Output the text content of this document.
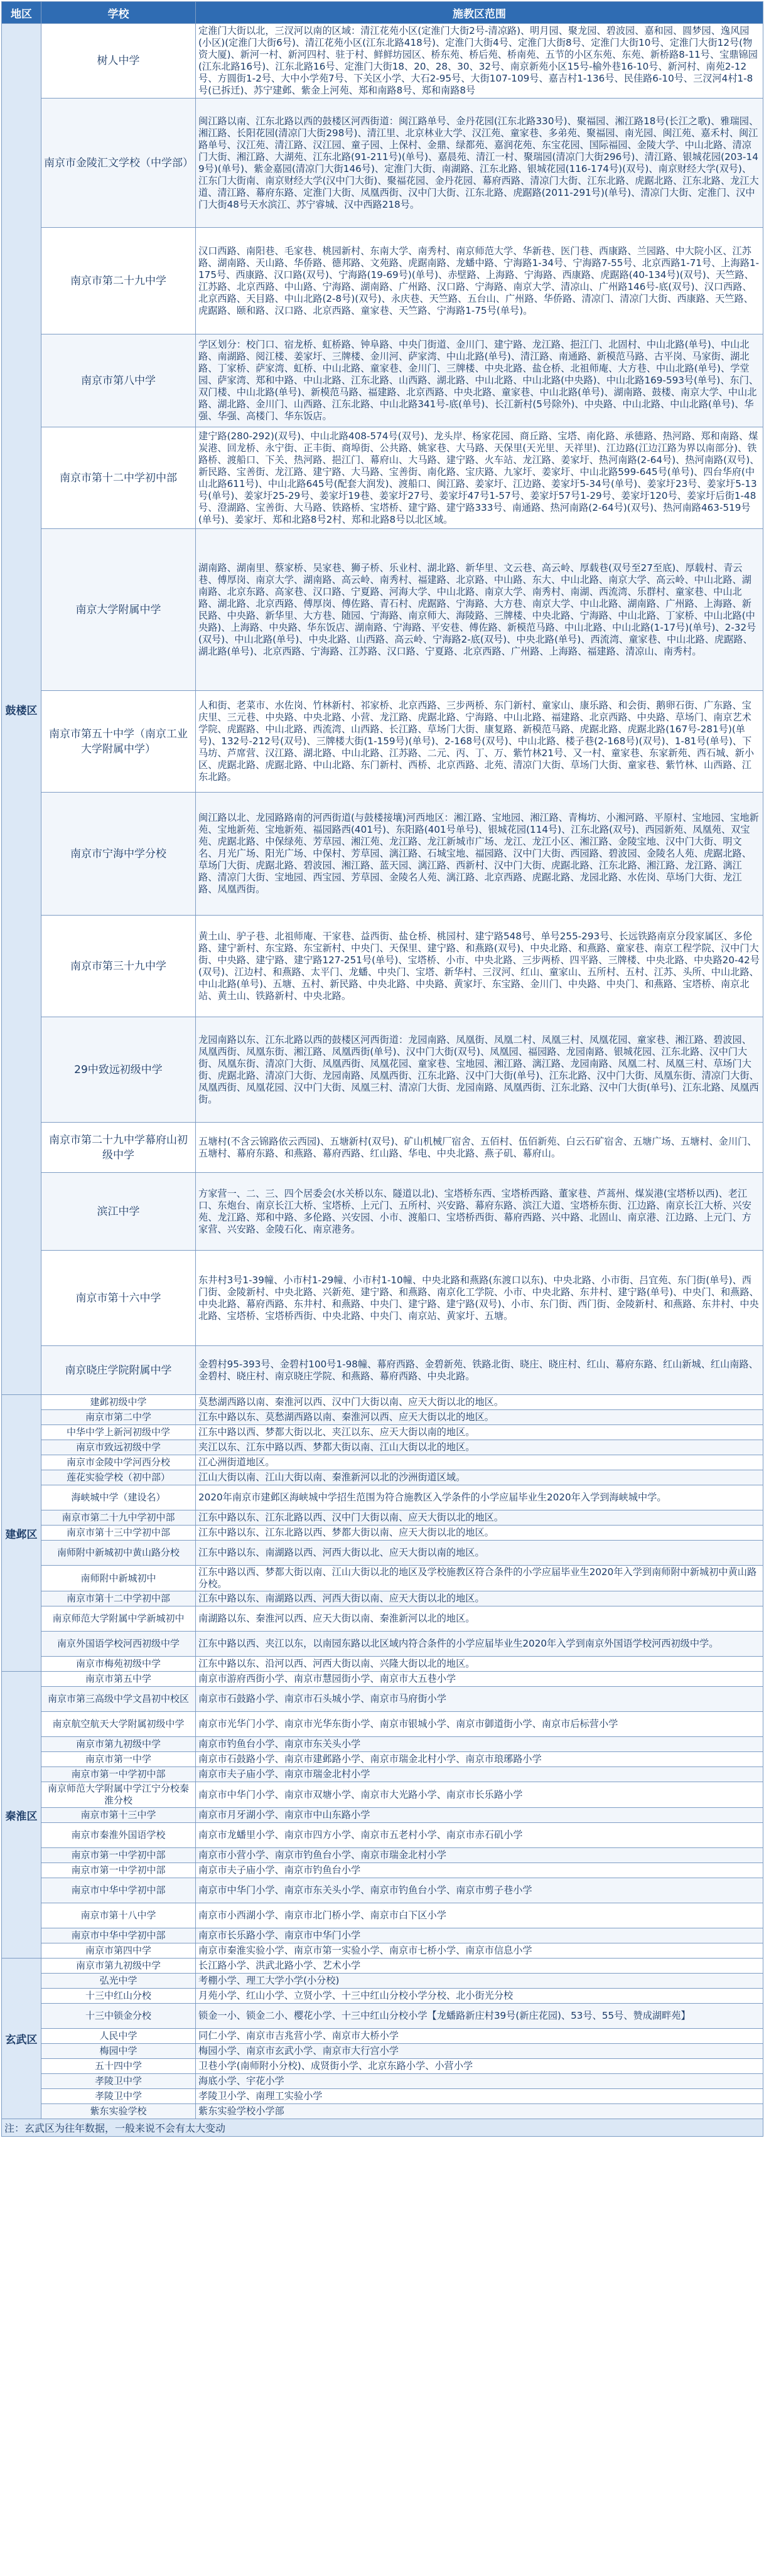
地区	学校	施教区范围
鼓楼区	树人中学	定淮门大街以北，三汊河以南的区域：清江花苑小区(定淮门大街2号-清凉路)、明月园、聚龙园、碧波园、嘉和园、圆梦园、逸风园(小区)(定淮门大街6号)、清江花苑小区(江东北路418号)、定淮门大街4号、定淮门大街8号、定淮门大街10号、定淮门大街12号(物资大厦)、新河一村、新河四村、驻于村、鲜鲜坊园区、桥东苑、桥后苑、桥南苑、五节的小区东苑、东苑、新桥路8-11号、宝鼎锦园(江东北路16号)、江东北路16号、定淮门大街18、20、28、30、32号、南京新苑小区15号-榆外巷16-10号、新河村、南苑2-12号、方圆街1-2号、大中小学苑7号、下关区小学、大石2-95号、大街107-109号、嘉吉村1-136号、民佳路6-10号、三汊河4村1-8号(已拆迁)、苏宁建邺、紫金上河苑、郑和南路8号、郑和南路8号
	南京市金陵汇文学校（中学部）	闽江路以南、江东北路以西的鼓楼区河西街道：闽江路单号、金丹花园(江东北路330号)、聚福园、湘江路18号(长江之歌)、雅瑞园、湘江路、长阳花园(清凉门大街298号)、清江里、北京林业大学、汉江苑、童家巷、多弟苑、聚福园、南光园、闽江苑、嘉禾村、闽江路单号、汉江苑、清江路、汉江园、童子园、上保村、金鼎、绿都苑、嘉润花苑、东宝花园、国际福园、金陵大学、中山北路、清凉门大街、湘江路、大湖苑、江东北路(91-211号)(单号)、嘉晨苑、清江一村、聚瑞园(清凉门大街296号)、清江路、银城花园(203-149号)(单号)、紫金嘉园(清凉门大街146号)、定淮门大街、南湖路、江东北路、银城花园(116-174号)(双号)、南京财经大学(双号)、江东门大街南、南京财经大学(汉中门大街)、聚福花园、金丹花园、幕府西路、清凉门大街、江东北路、虎踞北路、江东北路、龙江大道、清江路、幕府东路、定淮门大街、凤凰西街、汉中门大街、江东北路、虎踞路(2011-291号)(单号)、清凉门大街、定淮门、汉中门大街48号天水滨江、苏宁睿城、汉中西路218号。
	南京市第二十九中学	汉口西路、南阳巷、毛家巷、桃园新村、东南大学、南秀村、南京师范大学、华新巷、医门巷、西康路、兰园路、中大院小区、江苏路、湖南路、天山路、华侨路、德邦路、文苑路、虎踞南路、龙蟠中路、宁海路1-34号、宁海路7-55号、北京西路1-71号、上海路1-175号、西康路、汉口路(双号)、宁海路(19-69号)(单号)、赤壁路、上海路、宁海路、西康路、虎踞路(40-134号)(双号)、天竺路、江苏路、北京西路、中山路、宁海路、湖南路、广州路、汉口路、宁海路、南京大学、清凉山、广州路146号-底(双号)、汉口西路、北京西路、天目路、中山北路(2-8号)(双号)、永庆巷、天竺路、五台山、广州路、华侨路、清凉门、清凉门大街、西康路、天竺路、虎踞路、颐和路、汉口路、北京西路、童家巷、天竺路、宁海路1-75号(单号)。
	南京市第八中学	学区划分：校门口、宿龙桥、虹桥路、钟阜路、中央门街道、金川门、建宁路、龙江路、挹江门、北固村、中山北路(单号)、中山北路、南湖路、阅江楼、姜家圩、三牌楼、金川河、萨家湾、中山北路(单号)、清江路、南通路、新模范马路、古平岗、马家街、湖北路、丁家桥、萨家湾、虹桥、中山北路、童家巷、金川门、三牌楼、中央北路、盐仓桥、北祖师庵、大方巷、中山北路(单号)、学堂园、萨家湾、郑和中路、中山北路、江东北路、山西路、湖北路、中山北路、中山北路(中央路)、中山北路169-593号(单号)、东门、双门楼、中山北路(单号)、新模范马路、福建路、北京西路、中央北路、童家巷、中山北路(单号)、湖南路、鼓楼、南京大学、中山北路、湖北路、金川门、山西路、江东北路、中山北路341号-底(单号)、长江新村(5号除外)、中央路、中山北路、中山北路(单号)、华强、华强、高楼门、华东饭店。
	南京市第十二中学初中部	建宁路(280-292)(双号)、中山北路408-574号(双号)、龙头岸、杨家花园、商丘路、宝塔、南化路、承德路、热河路、郑和南路、煤炭港、回龙桥、永宁街、正丰街、商埠街、公共路、姚家巷、大马路、天保里(天光里、天祥里)、江边路(江边江路为界以南部分)、铁路桥、渡船口、下关、热河路、挹江门、幕府山、大马路、建宁路、火车站、龙江路、姜家圩、热河南路(2-64号)、热河南路(双号)、新民路、宝善街、龙江路、建宁路、大马路、宝善街、南化路、宝庆路、九家圩、姜家圩、中山北路599-645号(单号)、四台华府(中山北路611号)、中山北路645号(配套大润发)、渡船口、闽江路、姜家圩、江边路、姜家圩5-34号(单号)、姜家圩23号、姜家圩5-13号(单号)、姜家圩25-29号、姜家圩19巷、姜家圩27号、姜家圩47号1-57号、姜家圩57号1-29号、姜家圩120号、姜家圩后街1-48号、澄湖路、宝善街、大马路、铁路桥、宝塔桥、建宁路、建宁路333号、南通路、热河南路(2-64号)(双号)、热河南路463-519号(单号)、姜家圩、郑和北路8号2村、郑和北路8号以北区域。
	南京大学附属中学	湖南路、湖南里、蔡家桥、吴家巷、狮子桥、乐业村、湖北路、新华里、文云巷、高云岭、厚载巷(双号至27至底)、厚载村、青云巷、傅厚岗、南京大学、湖南路、高云岭、南秀村、福建路、北京路、中山路、东大、中山北路、南京大学、高云岭、中山北路、湖南路、北京东路、高家巷、汉口路、宁夏路、河海大学、中山北路、南京大学、南秀村、南湖、西流湾、乐群村、童家巷、中山北路、湖北路、北京西路、傅厚岗、傅佐路、青石村、虎踞路、宁海路、大方巷、南京大学、中山北路、湖南路、广州路、上海路、新民路、中央路、新华里、大方巷、随园、宁海路、南京师大、海陵路、三牌楼、中央北路、宁海路、中山北路、丁家桥、中山北路(中央路)、上海路、中央路、华东饭店、湖南路、宁海路、平安巷、傅佐路、新模范马路、中山北路、中山北路(1-17号)(单号)、2-32号(双号)、中山北路(单号)、中央北路、山西路、高云岭、宁海路2-底(双号)、中央北路(单号)、西流湾、童家巷、中山北路、虎踞路、湖北路(单号)、北京西路、宁海路、江苏路、汉口路、宁夏路、北京西路、广州路、上海路、福建路、清凉山、南秀村。
	南京市第五十中学（南京工业大学附属中学）	人和街、老菜市、水佐岗、竹林新村、祁家桥、北京西路、三步两桥、东门新村、童家山、康乐路、和会街、鹅卵石街、广东路、宝庆里、三元巷、中央路、中央北路、小营、龙江路、虎踞北路、宁海路、中山北路、福建路、北京西路、中央路、草场门、南京艺术学院、虎踞路、中山北路、西流湾、山西路、长江路、草场门大街、康复路、新模范马路、虎踞北路、虎踞北路(167号-281号)(单号)、132号-212号(双号)、三牌楼大街(1-159号)(单号)、2-168号(双号)、中山北路、楼子巷(2-168号)(双号)、1-81号(单号)、下马坊、芦席营、汉江路、湖北路、中山北路、江苏路、二元、丙、丁、万、紫竹林21号、又一村、童家巷、东家新苑、西石城、新小区、虎踞北路、虎踞北路、中山北路、东门新村、西桥、北京西路、北苑、清凉门大街、草场门大街、童家巷、紫竹林、山西路、江东北路。
	南京市宁海中学分校	闽江路以北、龙园路路南的河西街道(与鼓楼接壤)河西地区：湘江路、宝地园、湘江路、青梅坊、小湘河路、平原村、宝地园、宝地新苑、宝地新苑、宝地新苑、福园路西(401号)、东阳路(401号单号)、银城花园(114号)、江东北路(双号)、西园新苑、凤凰苑、双宝苑、虎踞北路、中保绿苑、芳草园、湘江苑、龙江路、龙江新城市广场、龙江、龙江小区、湘江路、金陵宝地、汉中门大街、明文名、月光广场、阳光广场、中保村、芳草园、漓江路、石城宝地、福园路、汉中门大街、西园路、碧波园、金陵名人苑、虎踞北路、草场门大街、虎踞北路、碧波园、湘江路、蓝天园、漓江路、西新村、汉中门大街、虎踞北路、江东北路、湘江路、龙江路、漓江路、清凉门大街、宝地园、西宝园、芳草园、金陵名人苑、漓江路、北京西路、虎踞北路、龙园北路、水佐岗、草场门大街、龙江路、凤凰西街。
	南京市第三十九中学	黄土山、驴子巷、北祖师庵、干家巷、益西街、盐仓桥、桃园村、建宁路548号、单号255-293号、长远铁路南京分段家属区、多伦路、建宁新村、东宝路、东宝新村、中央门、天保里、建宁路、和燕路(双号)、中央北路、和燕路、童家巷、南京工程学院、汉中门大街、中央路、建宁路、建宁路127-251号(单号)、宝塔桥、小市、中央北路、三步两桥、四平路、三牌楼、中央北路、中央路20-42号(双号)、江边村、和燕路、太平门、龙蟠、中央门、宝塔、新华村、三汊河、红山、童家山、五所村、五村、江苏、头所、中山北路、中山北路(单号)、五塘、五村、新民路、中央北路、中央路、黄家圩、东宝路、金川门、中央路、中央门、和燕路、宝塔桥、南京北站、黄土山、铁路新村、中央北路。
	29中致远初级中学	龙园南路以东、江东北路以西的鼓楼区河西街道：龙园南路、凤凰街、凤凰二村、凤凰三村、凤凰花园、童家巷、湘江路、碧波园、凤凰西街、凤凰东街、湘江路、凤凰西街(单号)、汉中门大街(双号)、凤凰园、福园路、龙园南路、银城花园、江东北路、汉中门大街、凤凰东街、清凉门大街、凤凰西街、凤凰花园、童家巷、宝地园、湘江路、漓江路、龙园南路、凤凰二村、凤凰三村、草场门大街、虎踞北路、清凉门大街、龙园南路、凤凰西街、江东北路、汉中门大街(单号)、江东北路、汉中门大街、凤凰东街、清凉门大街、凤凰西街、凤凰花园、汉中门大街、凤凰三村、清凉门大街、龙园南路、凤凰西街、江东北路、汉中门大街(单号)、江东北路、凤凰西街。
	南京市第二十九中学幕府山初级中学	五塘村(不含云锦路依云西园)、五塘新村(双号)、矿山机械厂宿舍、五佰村、伍佰新苑、白云石矿宿舍、五塘广场、五塘村、金川门、五塘村、幕府东路、和燕路、幕府西路、红山路、华电、中央北路、燕子矶、幕府山。
	滨江中学	方家营一、二、三、四个居委会(水关桥以东、隧道以北)、宝塔桥东西、宝塔桥西路、董家巷、芦蒿州、煤炭港(宝塔桥以西)、老江口、东炮台、南京长江大桥、宝塔桥、上元门、五所村、兴安路、幕府东路、滨江大道、宝塔桥东街、江边路、南京长江大桥、兴安苑、龙江路、郑和中路、多伦路、兴安园、小市、渡船口、宝塔桥西街、幕府西路、兴中路、北固山、南京港、江边路、上元门、方家营、兴安路、金陵石化、南京港务。
	南京市第十六中学	东井村3号1-39幢、小市村1-29幢、小市村1-10幢、中央北路和燕路(东渡口以东)、中央北路、小市街、吕宜苑、东门街(单号)、西门街、金陵新村、中央北路、兴新苑、建宁路、和燕路、南京化工学院、小市、中央北路、东井村、建宁路(单号)、中央门、和燕路、中央北路、幕府西路、东井村、和燕路、中央门、建宁路、建宁路(双号)、小市、东门街、西门街、金陵新村、和燕路、东井村、中央北路、宝塔桥、宝塔桥西街、中央北路、中央门、南京站、黄家圩、五塘。
	南京晓庄学院附属中学	金碧村95-393号、金碧村100号1-98幢、幕府西路、金碧新苑、铁路北街、晓庄、晓庄村、红山、幕府东路、红山新城、红山南路、金碧村、晓庄村、南京晓庄学院、和燕路、幕府西路、中央北路。
建邺区	建邺初级中学	莫愁湖西路以南、秦淮河以西、汉中门大街以南、应天大街以北的地区。
	南京市第二中学	江东中路以东、莫愁湖西路以南、秦淮河以西、应天大街以北的地区。
	中华中学上新河初级中学	江东中路以西、梦都大街以北、夹江以东、应天大街以南的地区。
	南京市致远初级中学	夹江以东、江东中路以西、梦都大街以南、江山大街以北的地区。
	南京市金陵中学河西分校	江心洲街道地区。
	莲花实验学校（初中部）	江山大街以南、江山大街以南、秦淮新河以北的沙洲街道区域。
	海峡城中学（建设名）	2020年南京市建邺区海峡城中学招生范围为符合施教区入学条件的小学应届毕业生2020年入学到海峡城中学。
	南京市第二十九中学初中部	江东中路以东、江东北路以西、汉中门大街以南、应天大街以北的地区。
	南京市第十三中学初中部	江东中路以东、江东北路以西、梦都大街以南、应天大街以北的地区。
	南师附中新城初中黄山路分校	江东中路以东、南湖路以西、河西大街以北、应天大街以南的地区。
	南师附中新城初中	江东中路以西、梦都大街以南、江山大街以北的地区及学校施教区符合条件的小学应届毕业生2020年入学到南师附中新城初中黄山路分校。
	南京市第十二中学初中部	江东中路以东、南湖路以西、河西大街以南、应天大街以北的地区。
	南京师范大学附属中学新城初中	南湖路以东、秦淮河以西、应天大街以南、秦淮新河以北的地区。
	南京外国语学校河西初级中学	江东中路以西、夹江以东，以南园东路以北区域内符合条件的小学应届毕业生2020年入学到南京外国语学校河西初级中学。
	南京市梅苑初级中学	江东中路以东、沿河以西、河西大街以南、兴隆大街以北的地区。
秦淮区	南京市第五中学	南京市游府西街小学、南京市慧园街小学、南京市大五巷小学
	南京市第三高级中学文昌初中校区	南京市石鼓路小学、南京市石头城小学、南京市马府街小学
	南京航空航天大学附属初级中学	南京市光华门小学、南京市光华东街小学、南京市银城小学、南京市御道街小学、南京市后标营小学
	南京市第九初级中学	南京市钓鱼台小学、南京市东关头小学
	南京市第一中学	南京市石鼓路小学、南京市建邺路小学、南京市瑞金北村小学、南京市琅琊路小学
	南京市第一中学初中部	南京市夫子庙小学、南京市瑞金北村小学
	南京师范大学附属中学江宁分校秦淮分校	南京市中华门小学、南京市双塘小学、南京市大光路小学、南京市长乐路小学
	南京市第十三中学	南京市月牙湖小学、南京市中山东路小学
	南京市秦淮外国语学校	南京市龙蟠里小学、南京市四方小学、南京市五老村小学、南京市赤石矶小学
	南京市第一中学初中部	南京市小营小学、南京市钓鱼台小学、南京市瑞金北村小学
	南京市第一中学初中部	南京市夫子庙小学、南京市钓鱼台小学
	南京市中华中学初中部	南京市中华门小学、南京市东关头小学、南京市钓鱼台小学、南京市剪子巷小学
	南京市第十八中学	南京市小西湖小学、南京市北门桥小学、南京市白下区小学
	南京市中华中学初中部	南京市长乐路小学、南京市中华门小学
	南京市第四中学	南京市秦淮实验小学、南京市第一实验小学、南京市七桥小学、南京市信息小学
玄武区	南京市第九初级中学	长江路小学、洪武北路小学、艺术小学
	弘光中学	考棚小学、理工大学小学(小分校)
	十三中红山分校	月苑小学、红山小学、立贤小学、十三中红山分校小学分校、北小街光分校
	十三中锁金分校	锁金一小、锁金二小、樱花小学、十三中红山分校小学【龙蟠路新庄村39号(新庄花园)、53号、55号、赞成湖畔苑】
	人民中学	同仁小学、南京市吉兆营小学、南京市大桥小学
	梅园中学	梅园小学、南京市玄武小学、南京市大行宫小学
	五十四中学	卫巷小学(南师附小分校)、成贤街小学、北京东路小学、小营小学
	孝陵卫中学	海底小学、宇花小学
	孝陵卫中学	孝陵卫小学、南理工实验小学
	紫东实验学校	紫东实验学校小学部
注：玄武区为往年数据，一般来说不会有太大变动		
